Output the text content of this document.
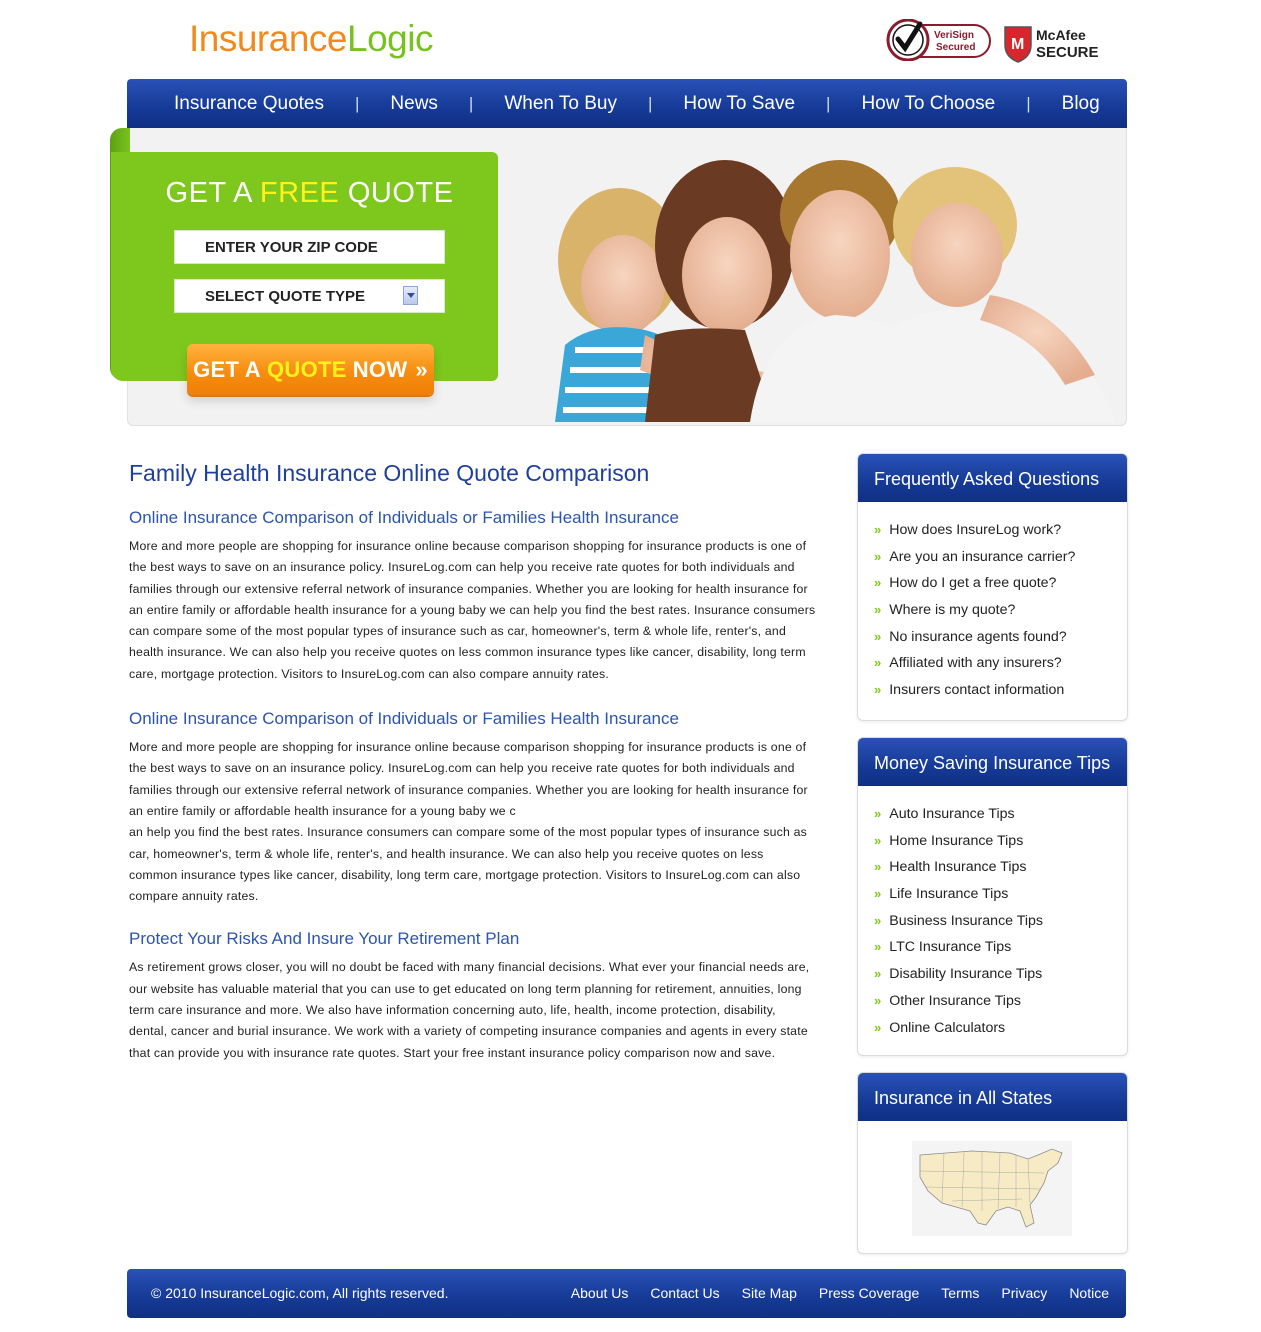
InsuranceLogic	VeriSign
Secured M
McAfee
SECURE
Insurance Quotes | News | When To Buy | How To Save | How To Choose | Blog
GET A FREE QUOTE
ENTER YOUR ZIP CODE
SELECT QUOTE TYPE
GET A QUOTE NOW »
Family Health Insurance Online Quote Comparison
Online Insurance Comparison of Individuals or Families Health Insurance

More and more people are shopping for insurance online because comparison shopping for insurance products is one of

the best ways to save on an insurance policy. InsureLog.com can help you receive rate quotes for both individuals and

families through our extensive referral network of insurance companies. Whether you are looking for health insurance for

an entire family or affordable health insurance for a young baby we can help you find the best rates. Insurance consumers

can compare some of the most popular types of insurance such as car, homeowner's, term & whole life, renter's, and

health insurance. We can also help you receive quotes on less common insurance types like cancer, disability, long term

care, mortgage protection. Visitors to InsureLog.com can also compare annuity rates.

Online Insurance Comparison of Individuals or Families Health Insurance

More and more people are shopping for insurance online because comparison shopping for insurance products is one of

the best ways to save on an insurance policy. InsureLog.com can help you receive rate quotes for both individuals and

families through our extensive referral network of insurance companies. Whether you are looking for health insurance for

an entire family or affordable health insurance for a young baby we c

an help you find the best rates. Insurance consumers can compare some of the most popular types of insurance such as

car, homeowner's, term & whole life, renter's, and health insurance. We can also help you receive quotes on less

common insurance types like cancer, disability, long term care, mortgage protection. Visitors to InsureLog.com can also

compare annuity rates.

Protect Your Risks And Insure Your Retirement Plan

As retirement grows closer, you will no doubt be faced with many financial decisions. What ever your financial needs are,

our website has valuable material that you can use to get educated on long term planning for retirement, annuities, long

term care insurance and more. We also have information concerning auto, life, health, income protection, disability,

dental, cancer and burial insurance. We work with a variety of competing insurance companies and agents in every state

that can provide you with insurance rate quotes. Start your free instant insurance policy comparison now and save.

Frequently Asked Questions
» How does InsureLog work?
» Are you an insurance carrier?
» How do I get a free quote?
» Where is my quote?
» No insurance agents found?
» Affiliated with any insurers?
» Insurers contact information
Money Saving Insurance Tips
» Auto Insurance Tips
» Home Insurance Tips
» Health Insurance Tips
» Life Insurance Tips
» Business Insurance Tips
» LTC Insurance Tips
» Disability Insurance Tips
» Other Insurance Tips
» Online Calculators
Insurance in All States
© 2010 InsuranceLogic.com, All rights reserved.	About Us Contact Us Site Map Press Coverage Terms Privacy Notice
